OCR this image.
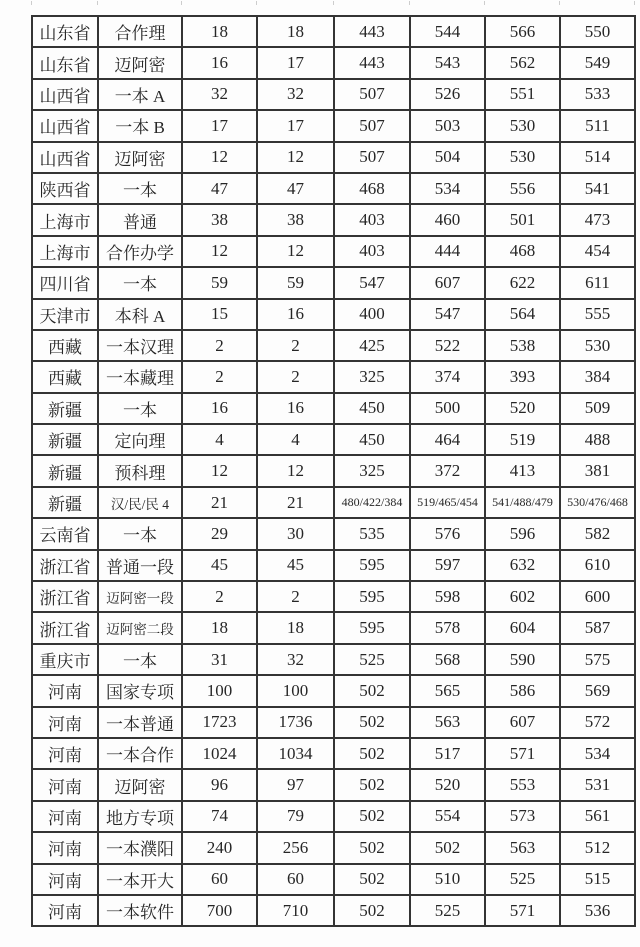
山东省	合作理	18	18	443	544	566	550
山东省	迈阿密	16	17	443	543	562	549
山西省	一本 A	32	32	507	526	551	533
山西省	一本 B	17	17	507	503	530	511
山西省	迈阿密	12	12	507	504	530	514
陕西省	一本	47	47	468	534	556	541
上海市	普通	38	38	403	460	501	473
上海市	合作办学	12	12	403	444	468	454
四川省	一本	59	59	547	607	622	611
天津市	本科 A	15	16	400	547	564	555
西藏	一本汉理	2	2	425	522	538	530
西藏	一本藏理	2	2	325	374	393	384
新疆	一本	16	16	450	500	520	509
新疆	定向理	4	4	450	464	519	488
新疆	预科理	12	12	325	372	413	381
新疆	汉/民/民 4	21	21	480/422/384	519/465/454	541/488/479	530/476/468
云南省	一本	29	30	535	576	596	582
浙江省	普通一段	45	45	595	597	632	610
浙江省	迈阿密一段	2	2	595	598	602	600
浙江省	迈阿密二段	18	18	595	578	604	587
重庆市	一本	31	32	525	568	590	575
河南	国家专项	100	100	502	565	586	569
河南	一本普通	1723	1736	502	563	607	572
河南	一本合作	1024	1034	502	517	571	534
河南	迈阿密	96	97	502	520	553	531
河南	地方专项	74	79	502	554	573	561
河南	一本濮阳	240	256	502	502	563	512
河南	一本开大	60	60	502	510	525	515
河南	一本软件	700	710	502	525	571	536
